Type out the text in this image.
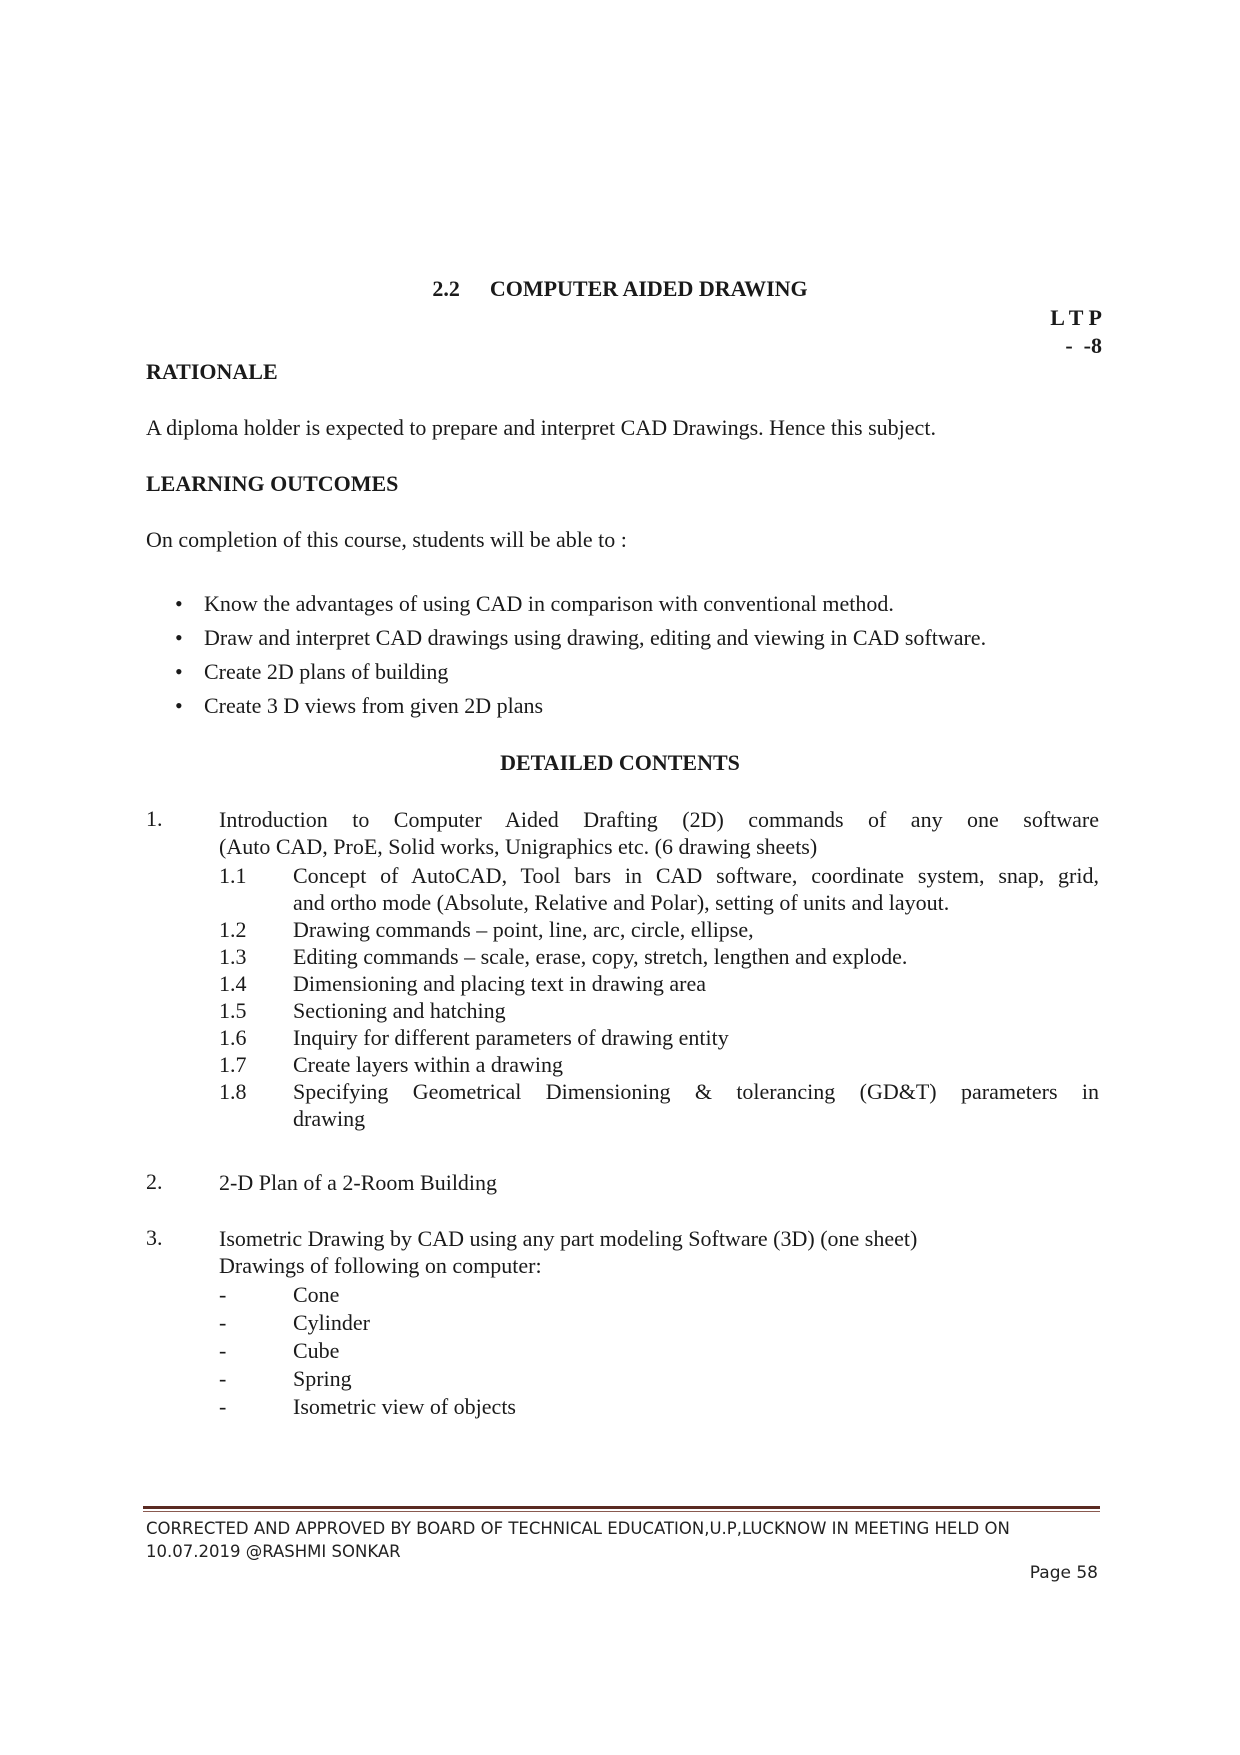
2.2 COMPUTER AIDED DRAWING
L T P
-  -8
RATIONALE
A diploma holder is expected to prepare and interpret CAD Drawings. Hence this subject.
LEARNING OUTCOMES
On completion of this course, students will be able to :
• Know the advantages of using CAD in comparison with conventional method.
• Draw and interpret CAD drawings using drawing, editing and viewing in CAD software.
• Create 2D plans of building
• Create 3 D views from given 2D plans
DETAILED CONTENTS
1.	Introduction to Computer Aided Drafting (2D) commands of any one software
(Auto CAD, ProE, Solid works, Unigraphics etc. (6 drawing sheets)
1.1 Concept of AutoCAD, Tool bars in CAD software, coordinate system, snap, grid,
and ortho mode (Absolute, Relative and Polar), setting of units and layout.
1.2 Drawing commands – point, line, arc, circle, ellipse,
1.3 Editing commands – scale, erase, copy, stretch, lengthen and explode.
1.4 Dimensioning and placing text in drawing area
1.5 Sectioning and hatching
1.6 Inquiry for different parameters of drawing entity
1.7 Create layers within a drawing
1.8 Specifying Geometrical Dimensioning & tolerancing (GD&T) parameters in
drawing
2.	2-D Plan of a 2-Room Building
3.	Isometric Drawing by CAD using any part modeling Software (3D) (one sheet)
Drawings of following on computer:
-	Cone
-	Cylinder
-	Cube
-	Spring
-	Isometric view of objects
CORRECTED AND APPROVED BY BOARD OF TECHNICAL EDUCATION,U.P,LUCKNOW IN MEETING HELD ON
10.07.2019 @RASHMI SONKAR
Page 58
